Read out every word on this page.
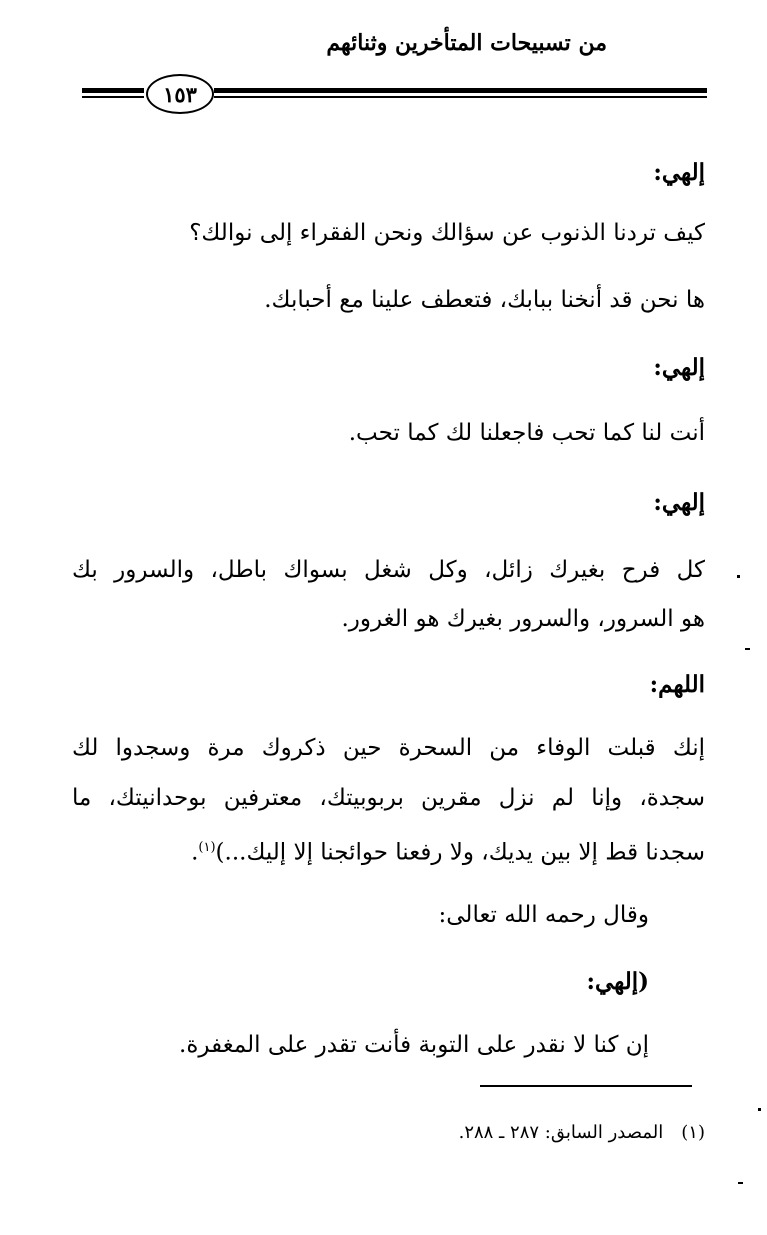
من تسبيحات المتأخرين وثنائهم
١٥٣
إلهي:
كيف تردنا الذنوب عن سؤالك ونحن الفقراء إلى نوالك؟
ها نحن قد أنخنا ببابك، فتعطف علينا مع أحبابك.
إلهي:
أنت لنا كما تحب فاجعلنا لك كما تحب.
إلهي:
كل فرح بغيرك زائل، وكل شغل بسواك باطل، والسرور بك
هو السرور، والسرور بغيرك هو الغرور.
اللهم:
إنك قبلت الوفاء من السحرة حين ذكروك مرة وسجدوا لك
سجدة، وإنا لم نزل مقرين بربوبيتك، معترفين بوحدانيتك، ما
سجدنا قط إلا بين يديك، ولا رفعنا حوائجنا إلا إليك...)$^{(١)}$.
وقال رحمه الله تعالى:
(إلهي:
إن كنا لا نقدر على التوبة فأنت تقدر على المغفرة.
(١)المصدر السابق: ٢٨٧ ـ ٢٨٨.
